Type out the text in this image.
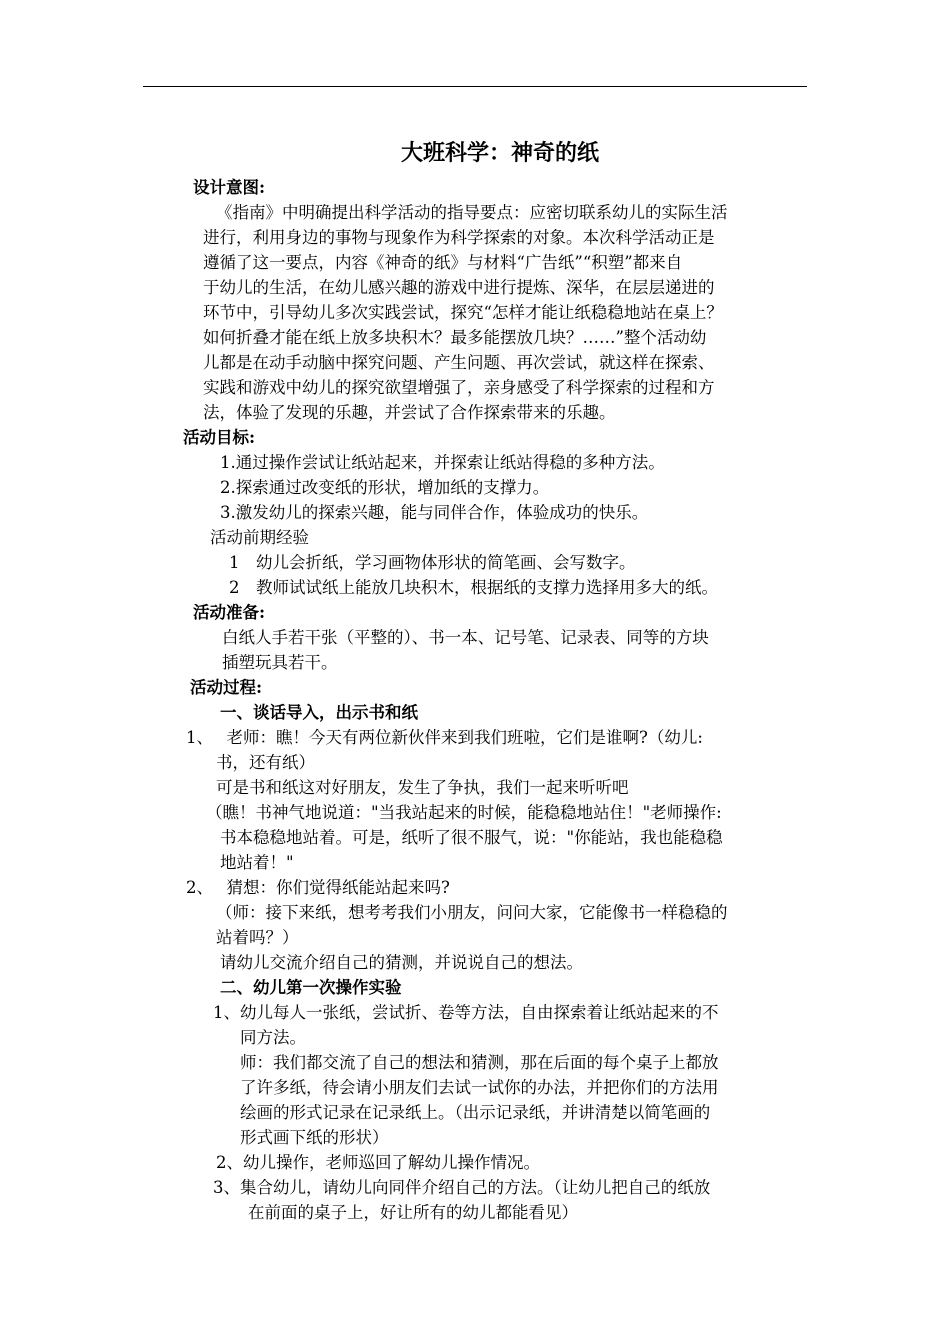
大班科学：神奇的纸
设计意图:
《指南》中明确提出科学活动的指导要点：应密切联系幼儿的实际生活
进行，利用身边的事物与现象作为科学探索的对象。本次科学活动正是
遵循了这一要点，内容《神奇的纸》与材料“广告纸”“积塑”都来自
于幼儿的生活，在幼儿感兴趣的游戏中进行提炼、深华，在层层递进的
环节中，引导幼儿多次实践尝试，探究“怎样才能让纸稳稳地站在桌上？
如何折叠才能在纸上放多块积木？最多能摆放几块？……”整个活动幼
儿都是在动手动脑中探究问题、产生问题、再次尝试，就这样在探索、
实践和游戏中幼儿的探究欲望增强了，亲身感受了科学探索的过程和方
法，体验了发现的乐趣，并尝试了合作探索带来的乐趣。
活动目标:
1.通过操作尝试让纸站起来，并探索让纸站得稳的多种方法。
2.探索通过改变纸的形状，增加纸的支撑力。
3.激发幼儿的探索兴趣，能与同伴合作，体验成功的快乐。
活动前期经验
1　幼儿会折纸，学习画物体形状的简笔画、会写数字。
2　教师试试纸上能放几块积木，根据纸的支撑力选择用多大的纸。
活动准备:
白纸人手若干张（平整的）、书一本、记号笔、记录表、同等的方块
插塑玩具若干。
活动过程:
一、谈话导入，出示书和纸
1、　 老师：瞧！今天有两位新伙伴来到我们班啦，它们是谁啊?（幼儿:
书，还有纸）
可是书和纸这对好朋友，发生了争执，我们一起来听听吧
（瞧！书神气地说道："当我站起来的时候，能稳稳地站住！"老师操作:
书本稳稳地站着。可是，纸听了很不服气，说："你能站，我也能稳稳
地站着！"
2、　 猜想：你们觉得纸能站起来吗?
（师：接下来纸，想考考我们小朋友，问问大家，它能像书一样稳稳的
站着吗？）
请幼儿交流介绍自己的猜测，并说说自己的想法。
二、幼儿第一次操作实验
1、幼儿每人一张纸，尝试折、卷等方法，自由探索着让纸站起来的不
同方法。
师：我们都交流了自己的想法和猜测，那在后面的每个桌子上都放
了许多纸，待会请小朋友们去试一试你的办法，并把你们的方法用
绘画的形式记录在记录纸上。（出示记录纸，并讲清楚以简笔画的
形式画下纸的形状）
2、幼儿操作，老师巡回了解幼儿操作情况。
3、集合幼儿，请幼儿向同伴介绍自己的方法。（让幼儿把自己的纸放
在前面的桌子上，好让所有的幼儿都能看见）
